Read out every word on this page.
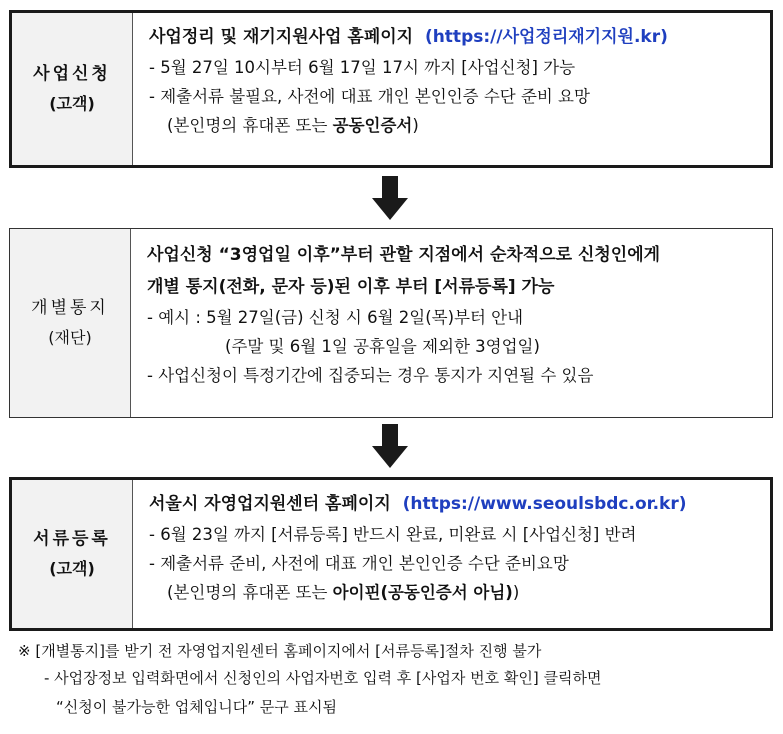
사업신청
(고객)
사업정리 및 재기지원사업 홈페이지 (https://사업정리재기지원.kr)
- 5월 27일 10시부터 6월 17일 17시 까지 [사업신청] 가능
- 제출서류 불필요, 사전에 대표 개인 본인인증 수단 준비 요망
(본인명의 휴대폰 또는 공동인증서)
개별통지
(재단)
사업신청 “3영업일 이후”부터 관할 지점에서 순차적으로 신청인에게
개별 통지(전화, 문자 등)된 이후 부터 [서류등록] 가능
- 예시 : 5월 27일(금) 신청 시 6월 2일(목)부터 안내
(주말 및 6월 1일 공휴일을 제외한 3영업일)
- 사업신청이 특정기간에 집중되는 경우 통지가 지연될 수 있음
서류등록
(고객)
서울시 자영업지원센터 홈페이지 (https://www.seoulsbdc.or.kr)
- 6월 23일 까지 [서류등록] 반드시 완료, 미완료 시 [사업신청] 반려
- 제출서류 준비, 사전에 대표 개인 본인인증 수단 준비요망
(본인명의 휴대폰 또는 아이핀(공동인증서 아님))
※ [개별통지]를 받기 전 자영업지원센터 홈페이지에서 [서류등록]절차 진행 불가
- 사업장정보 입력화면에서 신청인의 사업자번호 입력 후 [사업자 번호 확인] 클릭하면
“신청이 불가능한 업체입니다” 문구 표시됨
